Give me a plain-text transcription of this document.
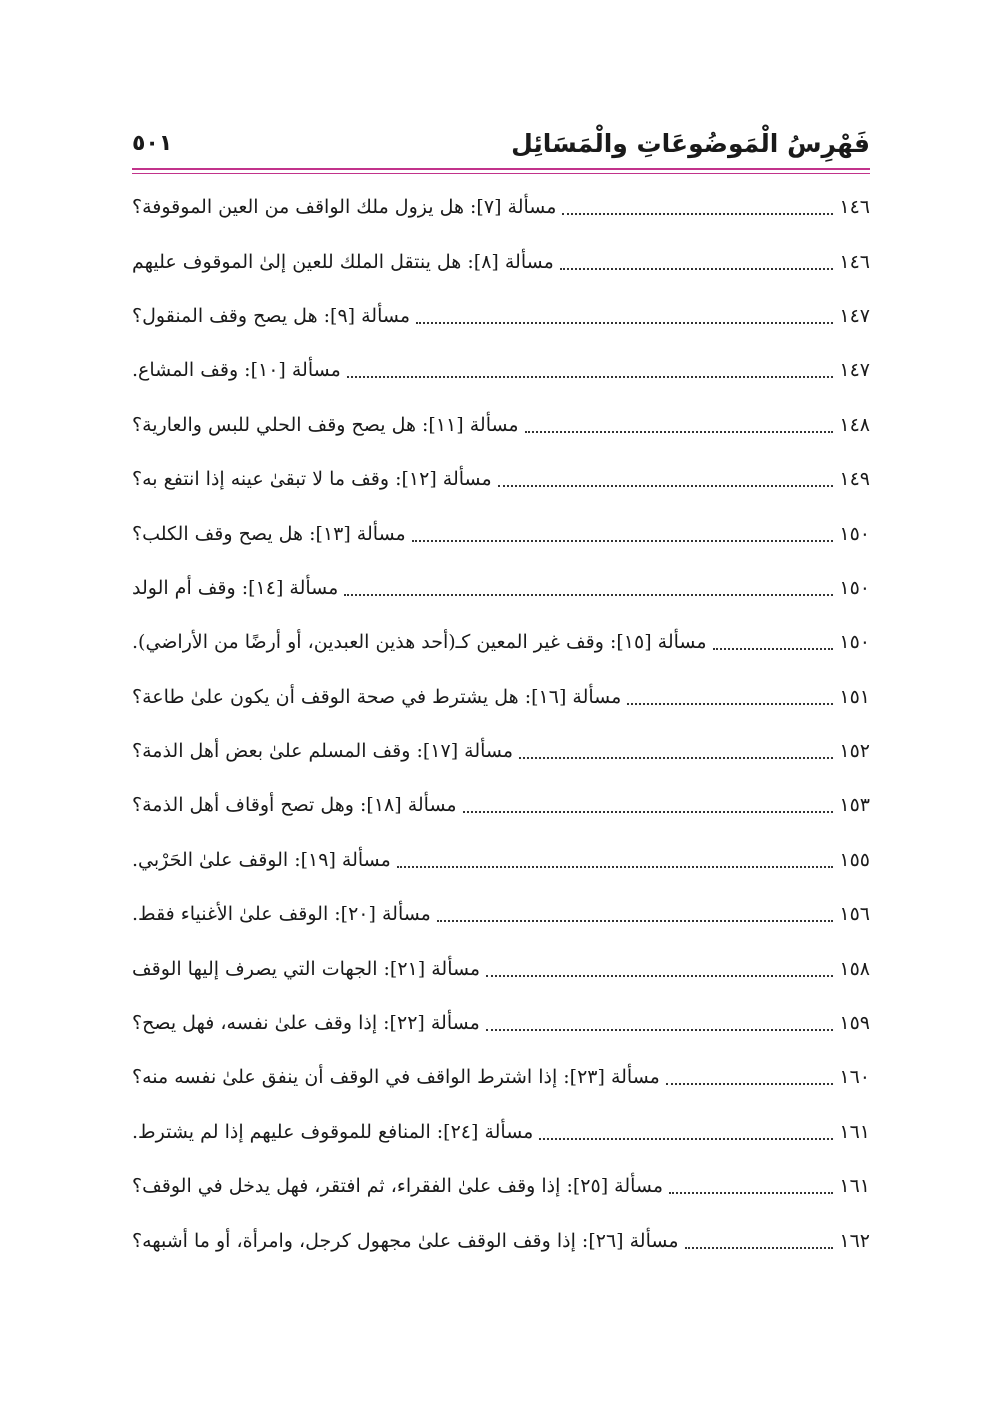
فَهْرِسُ الْمَوضُوعَاتِ والْمَسَائِل
٥٠١
مسألة [٧]: هل يزول ملك الواقف من العين الموقوفة؟	١٤٦
مسألة [٨]: هل ينتقل الملك للعين إلىٰ الموقوف عليهم	١٤٦
مسألة [٩]: هل يصح وقف المنقول؟	١٤٧
مسألة [١٠]: وقف المشاع.	١٤٧
مسألة [١١]: هل يصح وقف الحلي للبس والعارية؟	١٤٨
مسألة [١٢]: وقف ما لا تبقىٰ عينه إذا انتفع به؟	١٤٩
مسألة [١٣]: هل يصح وقف الكلب؟	١٥٠
مسألة [١٤]: وقف أم الولد	١٥٠
مسألة [١٥]: وقف غير المعين كـ(أحد هذين العبدين، أو أرضًا من الأراضي).	١٥٠
مسألة [١٦]: هل يشترط في صحة الوقف أن يكون علىٰ طاعة؟	١٥١
مسألة [١٧]: وقف المسلم علىٰ بعض أهل الذمة؟	١٥٢
مسألة [١٨]: وهل تصح أوقاف أهل الذمة؟	١٥٣
مسألة [١٩]: الوقف علىٰ الحَرْبي.	١٥٥
مسألة [٢٠]: الوقف علىٰ الأغنياء فقط.	١٥٦
مسألة [٢١]: الجهات التي يصرف إليها الوقف	١٥٨
مسألة [٢٢]: إذا وقف علىٰ نفسه، فهل يصح؟	١٥٩
مسألة [٢٣]: إذا اشترط الواقف في الوقف أن ينفق علىٰ نفسه منه؟	١٦٠
مسألة [٢٤]: المنافع للموقوف عليهم إذا لم يشترط.	١٦١
مسألة [٢٥]: إذا وقف علىٰ الفقراء، ثم افتقر، فهل يدخل في الوقف؟	١٦١
مسألة [٢٦]: إذا وقف الوقف علىٰ مجهول كرجل، وامرأة، أو ما أشبهه؟	١٦٢
